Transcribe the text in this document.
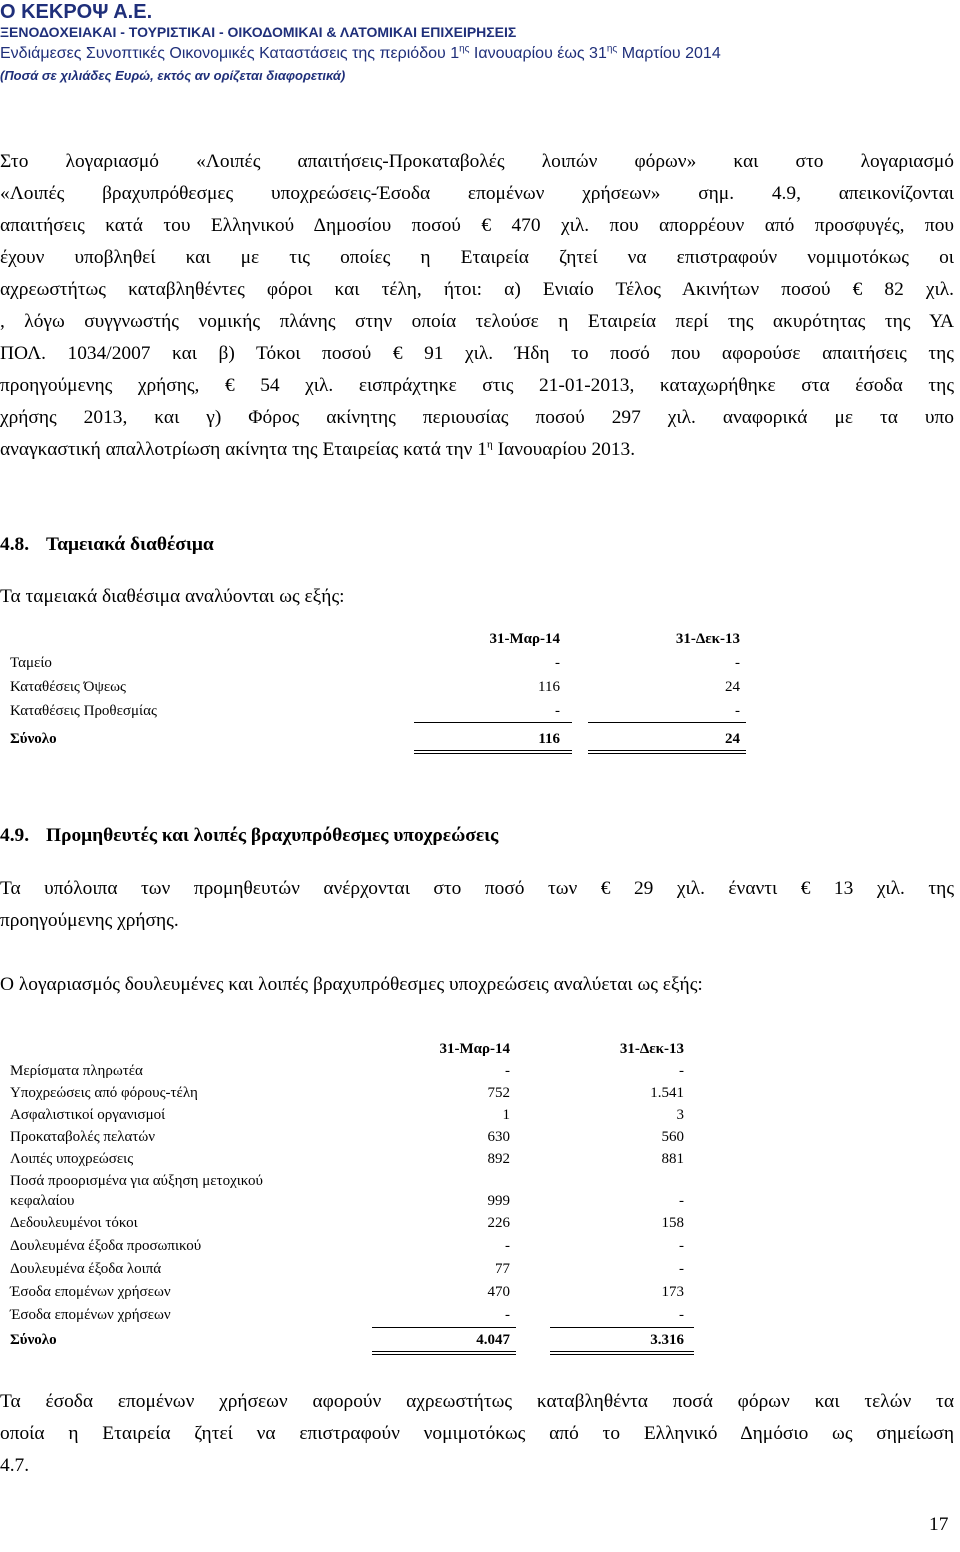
Ο ΚΕΚΡΟΨ Α.Ε.
ΞΕΝΟΔΟΧΕΙΑΚΑΙ - ΤΟΥΡΙΣΤΙΚΑΙ - ΟΙΚΟΔΟΜΙΚΑΙ & ΛΑΤΟΜΙΚΑΙ ΕΠΙΧΕΙΡΗΣΕΙΣ
Ενδιάμεσες Συνοπτικές Οικονομικές Καταστάσεις της περιόδου $1^{\eta\varsigma}$ Ιανουαρίου έως $31^{\eta\varsigma}$ Μαρτίου 2014
(Ποσά σε χιλιάδες Ευρώ, εκτός αν ορίζεται διαφορετικά)
Στο λογαριασμό «Λοιπές απαιτήσεις-Προκαταβολές λοιπών φόρων» και στο λογαριασμό
«Λοιπές βραχυπρόθεσμες υποχρεώσεις-Έσοδα επομένων χρήσεων» σημ. 4.9, απεικονίζονται
απαιτήσεις κατά του Ελληνικού Δημοσίου ποσού € 470 χιλ. που απορρέουν από προσφυγές, που
έχουν υποβληθεί και με τις οποίες η Εταιρεία ζητεί να επιστραφούν νομιμοτόκως οι
αχρεωστήτως καταβληθέντες φόροι και τέλη, ήτοι: α) Ενιαίο Τέλος Ακινήτων ποσού € 82 χιλ.
, λόγω συγγνωστής νομικής πλάνης στην οποία τελούσε η Εταιρεία περί της ακυρότητας της ΥΑ
ΠΟΛ. 1034/2007 και β) Τόκοι ποσού € 91 χιλ. Ήδη το ποσό που αφορούσε απαιτήσεις της
προηγούμενης χρήσης, € 54 χιλ. εισπράχτηκε στις 21-01-2013, καταχωρήθηκε στα έσοδα της
χρήσης 2013, και γ) Φόρος ακίνητης περιουσίας ποσού 297 χιλ. αναφορικά με τα υπο
αναγκαστική απαλλοτρίωση ακίνητα της Εταιρείας κατά την $1^\eta$ Ιανουαρίου 2013.
4.8. Ταμειακά διαθέσιμα
Τα ταμειακά διαθέσιμα αναλύονται ως εξής:
31-Μαρ-14	31-Δεκ-13
Ταμείο	-	-
Καταθέσεις Όψεως	116	24
Καταθέσεις Προθεσμίας	-	-
Σύνολο	116	24
4.9. Προμηθευτές και λοιπές βραχυπρόθεσμες υποχρεώσεις
Τα υπόλοιπα των προμηθευτών ανέρχονται στο ποσό των € 29 χιλ. έναντι € 13 χιλ. της
προηγούμενης χρήσης.
Ο λογαριασμός δουλευμένες και λοιπές βραχυπρόθεσμες υποχρεώσεις αναλύεται ως εξής:
31-Μαρ-14	31-Δεκ-13
Μερίσματα πληρωτέα	-	-
Υποχρεώσεις από φόρους-τέλη	752	1.541
Ασφαλιστικοί οργανισμοί	1	3
Προκαταβολές πελατών	630	560
Λοιπές υποχρεώσεις	892	881
Ποσά προορισμένα για αύξηση μετοχικού
κεφαλαίου	999	-
Δεδουλευμένοι τόκοι	226	158
Δουλευμένα έξοδα προσωπικού	-	-
Δουλευμένα έξοδα λοιπά	77	-
Έσοδα επομένων χρήσεων	470	173
Έσοδα επομένων χρήσεων	-	-
Σύνολο	4.047	3.316
Τα έσοδα επομένων χρήσεων αφορούν αχρεωστήτως καταβληθέντα ποσά φόρων και τελών τα
οποία η Εταιρεία ζητεί να επιστραφούν νομιμοτόκως από το Ελληνικό Δημόσιο ως σημείωση
4.7.
17
